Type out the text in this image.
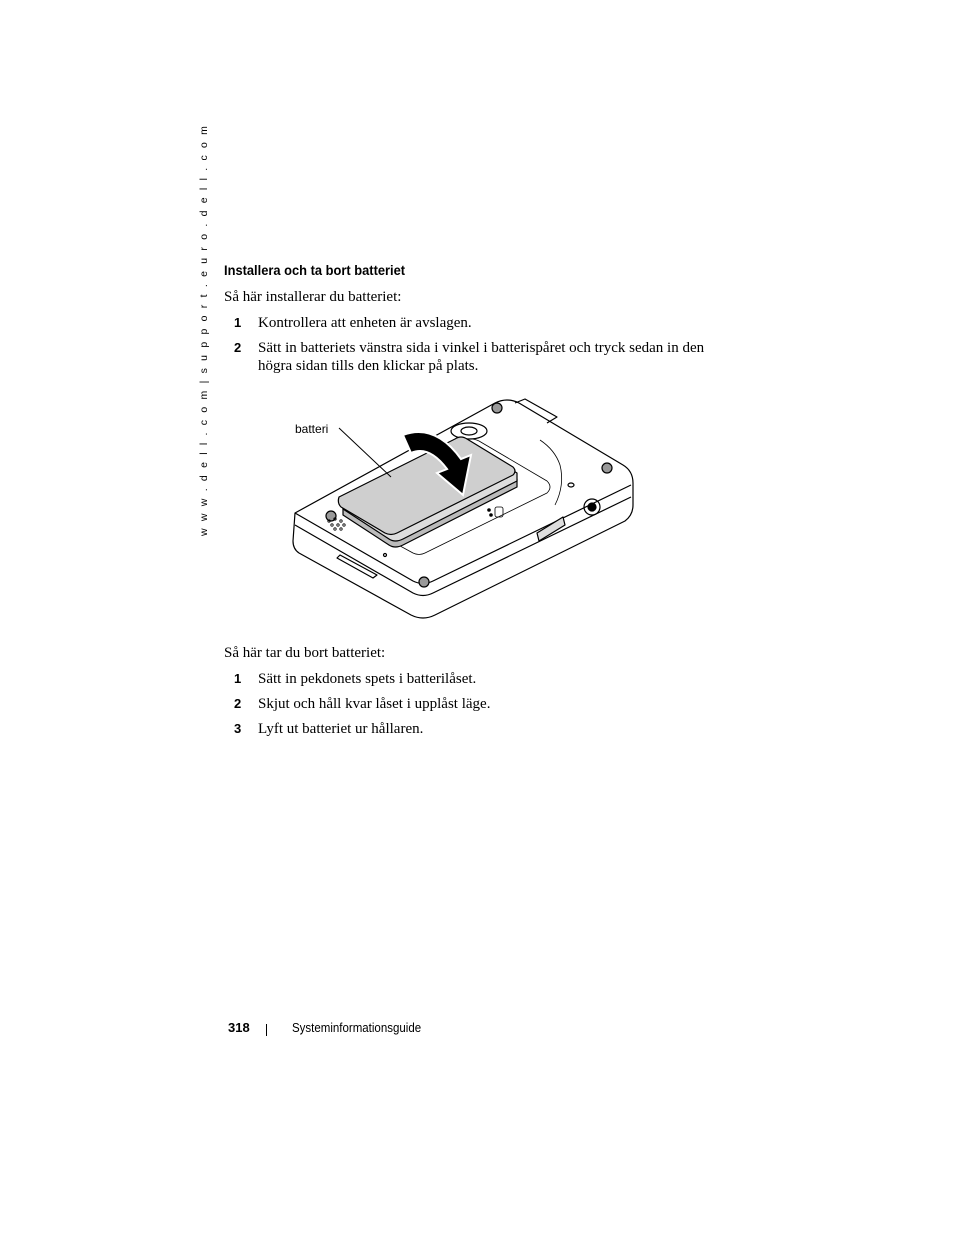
w w w . d e l l . c o m | s u p p o r t . e u r o . d e l l . c o m Installera och ta bort batteriet

Så här installerar du batteriet:

1 Kontrollera att enheten är avslagen.
2 Sätt in batteriets vänstra sida i vinkel i batterispåret och tryck sedan in den högra sidan tills den klickar på plats.
batteri

Så här tar du bort batteriet:

1 Sätt in pekdonets spets i batterilåset.
2 Skjut och håll kvar låset i upplåst läge.
3 Lyft ut batteriet ur hållaren.
318	Systeminformationsguide
